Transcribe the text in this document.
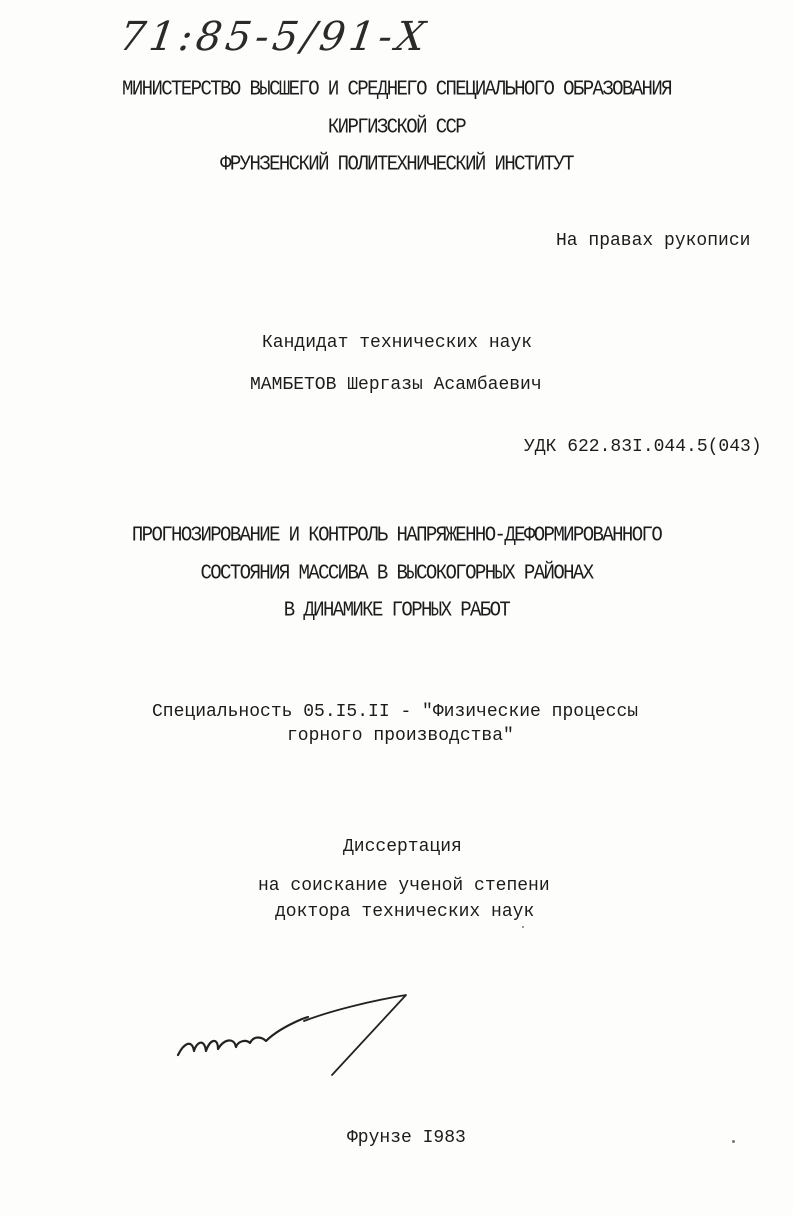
71:85-5/91-Х
МИНИСТЕРСТВО ВЫСШЕГО И СРЕДНЕГО СПЕЦИАЛЬНОГО ОБРАЗОВАНИЯ
КИРГИЗСКОЙ ССР
ФРУНЗЕНСКИЙ ПОЛИТЕХНИЧЕСКИЙ ИНСТИТУТ
На правах рукописи
Кандидат технических наук
МАМБЕТОВ Шергазы Асамбаевич
УДК 622.83I.044.5(043)
ПРОГНОЗИРОВАНИЕ И КОНТРОЛЬ НАПРЯЖЕННО-ДЕФОРМИРОВАННОГО
СОСТОЯНИЯ МАССИВА В ВЫСОКОГОРНЫХ РАЙОНАХ
В ДИНАМИКЕ ГОРНЫХ РАБОТ
Специальность 05.I5.II - "Физические процессы
горного производства"
Диссертация
на соискание ученой степени
доктора технических наук
Фрунзе I983
